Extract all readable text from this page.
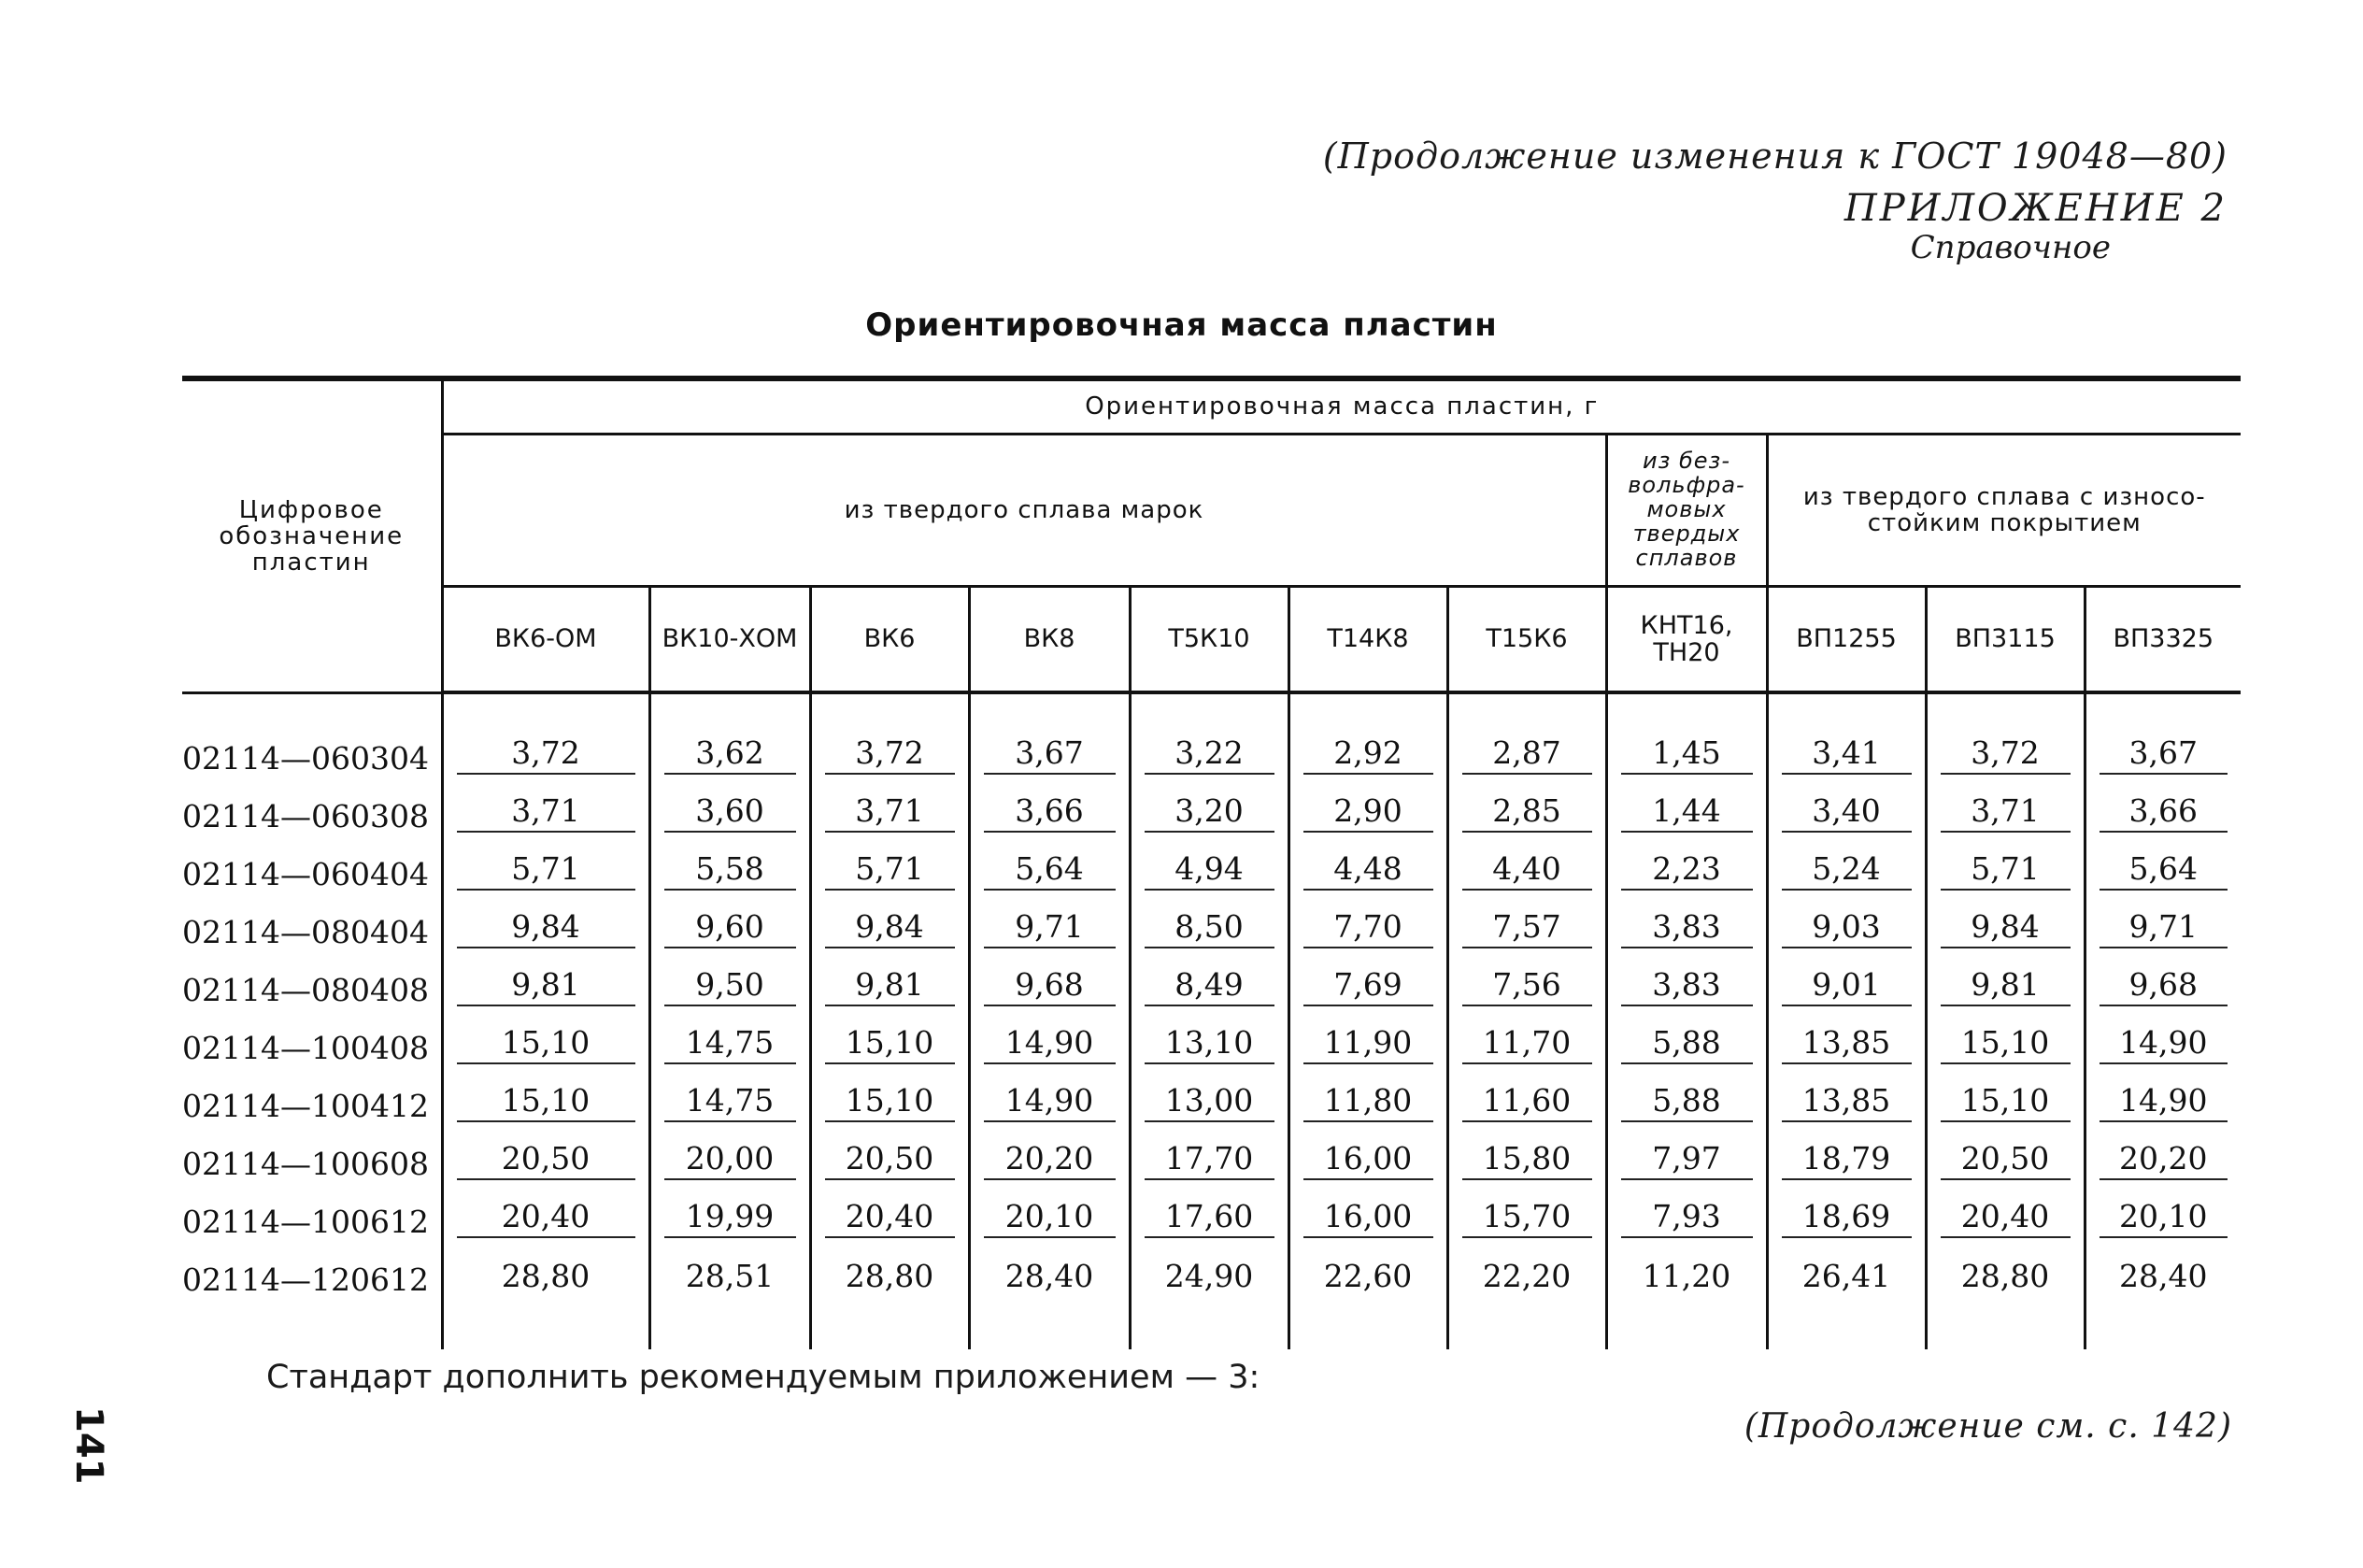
(Продолжение изменения к ГОСТ 19048—80)
ПРИЛОЖЕНИЕ 2
Справочное
Ориентировочная масса пластин
Цифровое обозначение пластин	Ориентировочная масса пластин, г										
	из твердого сплава марок							из без-вольфра-мовых твердых сплавов	из твердого сплава с износо-стойким покрытием		
	ВК6-ОМ	ВК10-ХОМ	ВК6	ВК8	Т5К10	Т14К8	Т15К6	КНТ16, ТН20	ВП1255	ВП3115	ВП3325
02114—060304	3,72	3,62	3,72	3,67	3,22	2,92	2,87	1,45	3,41	3,72	3,67

02114—060308	3,71	3,60	3,71	3,66	3,20	2,90	2,85	1,44	3,40	3,71	3,66

02114—060404	5,71	5,58	5,71	5,64	4,94	4,48	4,40	2,23	5,24	5,71	5,64

02114—080404	9,84	9,60	9,84	9,71	8,50	7,70	7,57	3,83	9,03	9,84	9,71

02114—080408	9,81	9,50	9,81	9,68	8,49	7,69	7,56	3,83	9,01	9,81	9,68

02114—100408	15,10	14,75	15,10	14,90	13,10	11,90	11,70	5,88	13,85	15,10	14,90

02114—100412	15,10	14,75	15,10	14,90	13,00	11,80	11,60	5,88	13,85	15,10	14,90

02114—100608	20,50	20,00	20,50	20,20	17,70	16,00	15,80	7,97	18,79	20,50	20,20

02114—100612	20,40	19,99	20,40	20,10	17,60	16,00	15,70	7,93	18,69	20,40	20,10

02114—120612	28,80	28,51	28,80	28,40	24,90	22,60	22,20	11,20	26,41	28,80	28,40

Стандарт дополнить рекомендуемым приложением — 3:
141	(Продолжение см. с. 142)
